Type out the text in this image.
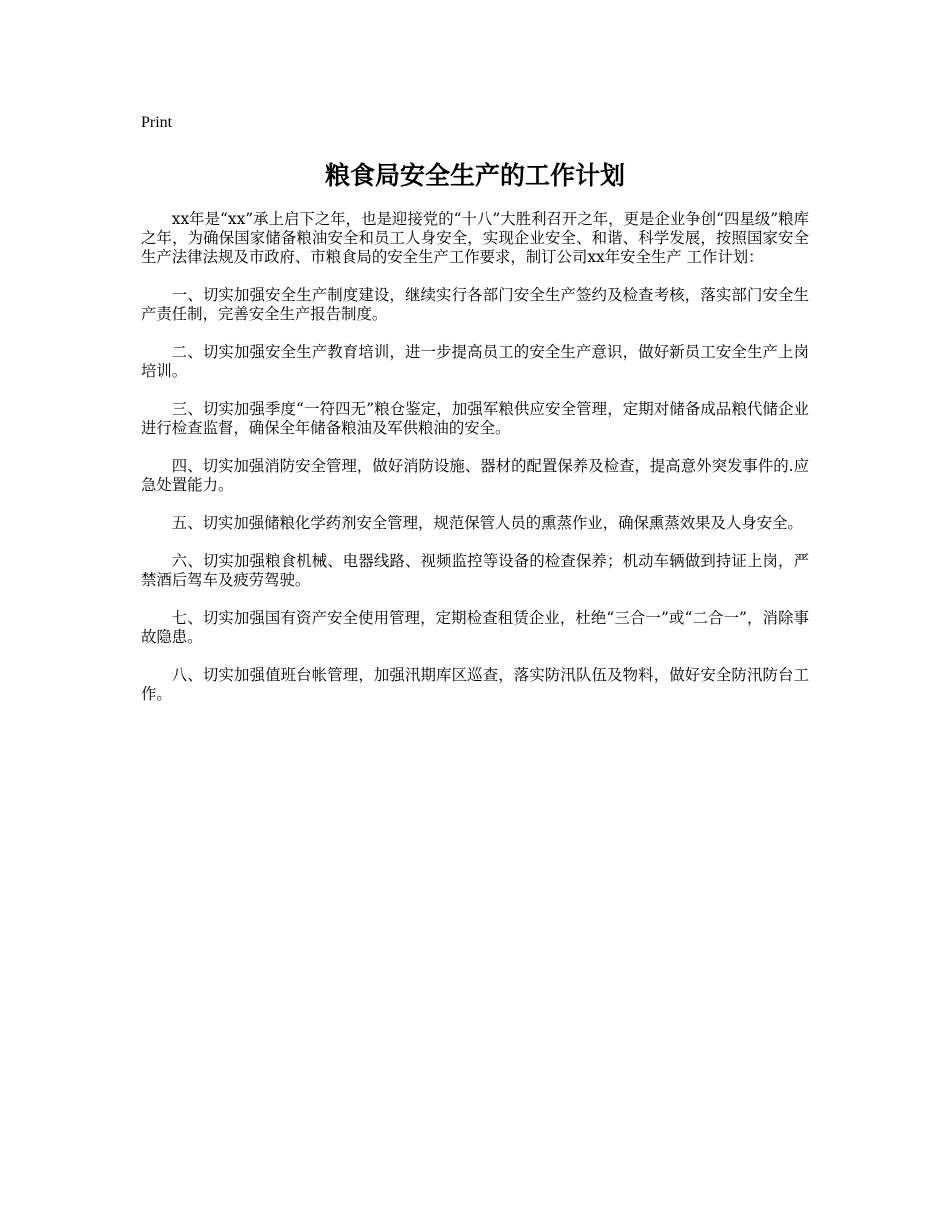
Print
粮食局安全生产的工作计划

xx年是“xx”承上启下之年，也是迎接党的“十八”大胜利召开之年，更是企业争创“四星级”粮库之年，为确保国家储备粮油安全和员工人身安全，实现企业安全、和谐、科学发展，按照国家安全生产法律法规及市政府、市粮食局的安全生产工作要求，制订公司xx年安全生产 工作计划：

一、切实加强安全生产制度建设，继续实行各部门安全生产签约及检查考核，落实部门安全生产责任制，完善安全生产报告制度。

二、切实加强安全生产教育培训，进一步提高员工的安全生产意识，做好新员工安全生产上岗培训。

三、切实加强季度“一符四无”粮仓鉴定，加强军粮供应安全管理，定期对储备成品粮代储企业进行检查监督，确保全年储备粮油及军供粮油的安全。

四、切实加强消防安全管理，做好消防设施、器材的配置保养及检查，提高意外突发事件的.应急处置能力。

五、切实加强储粮化学药剂安全管理，规范保管人员的熏蒸作业，确保熏蒸效果及人身安全。

六、切实加强粮食机械、电器线路、视频监控等设备的检查保养；机动车辆做到持证上岗，严禁酒后驾车及疲劳驾驶。

七、切实加强国有资产安全使用管理，定期检查租赁企业，杜绝“三合一”或“二合一”，消除事故隐患。

八、切实加强值班台帐管理，加强汛期库区巡查，落实防汛队伍及物料，做好安全防汛防台工作。
